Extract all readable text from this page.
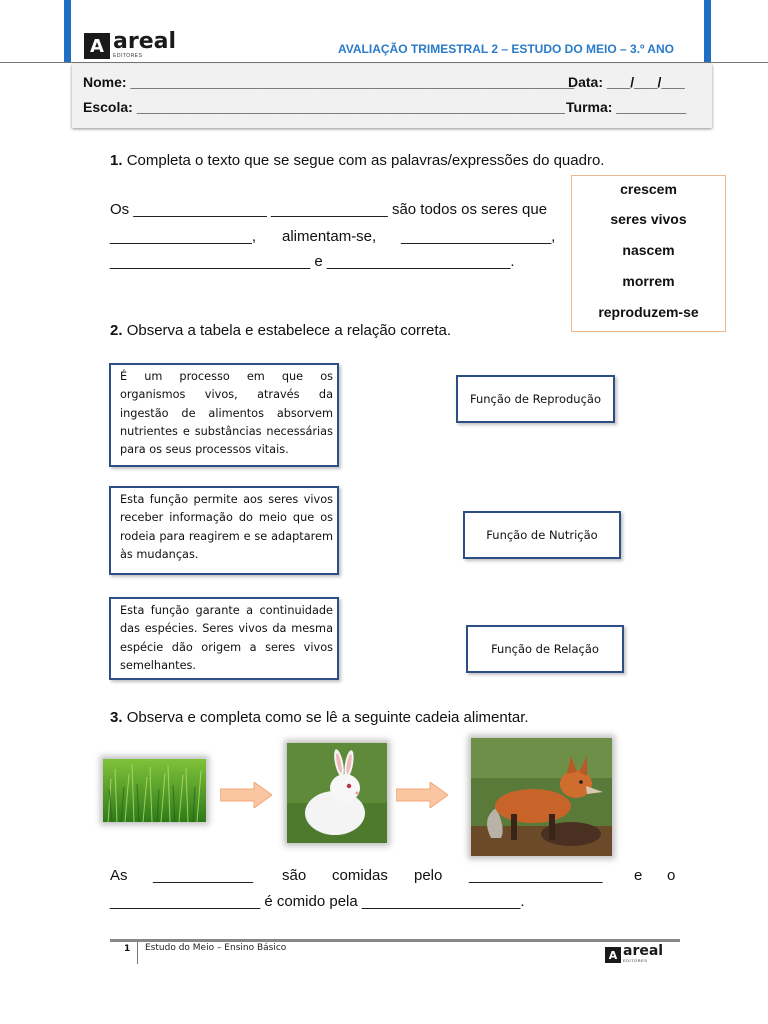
A areal
EDITORES	AVALIAÇÃO TRIMESTRAL 2 – ESTUDO DO MEIO – 3.º ANO
Nome: _________________________________________________________
Data: ___/___/___
Escola: _______________________________________________________ Turma: _________
1. Completa o texto que se segue com as palavras/expressões do quadro.
Os ________________ ______________ são todos os seres que
_________________, alimentam-se, __________________,
________________________ e ______________________.
crescem
seres vivos
nascem
morrem
reproduzem-se
2. Observa a tabela e estabelece a relação correta.
É um processo em que os organismos vivos, através da ingestão de alimentos absorvem nutrientes e substâncias necessárias para os seus processos vitais.
Esta função permite aos seres vivos receber informação do meio que os rodeia para reagirem e se adaptarem às mudanças.
Esta função garante a continuidade das espécies. Seres vivos da mesma espécie dão origem a seres vivos semelhantes.
Função de Reprodução
Função de Nutrição
Função de Relação
3. Observa e completa como se lê a seguinte cadeia alimentar.
As ____________ são comidas pelo ________________ e o
__________________ é comido pela ___________________.
1 Estudo do Meio – Ensino Básico
A areal
EDITORES
